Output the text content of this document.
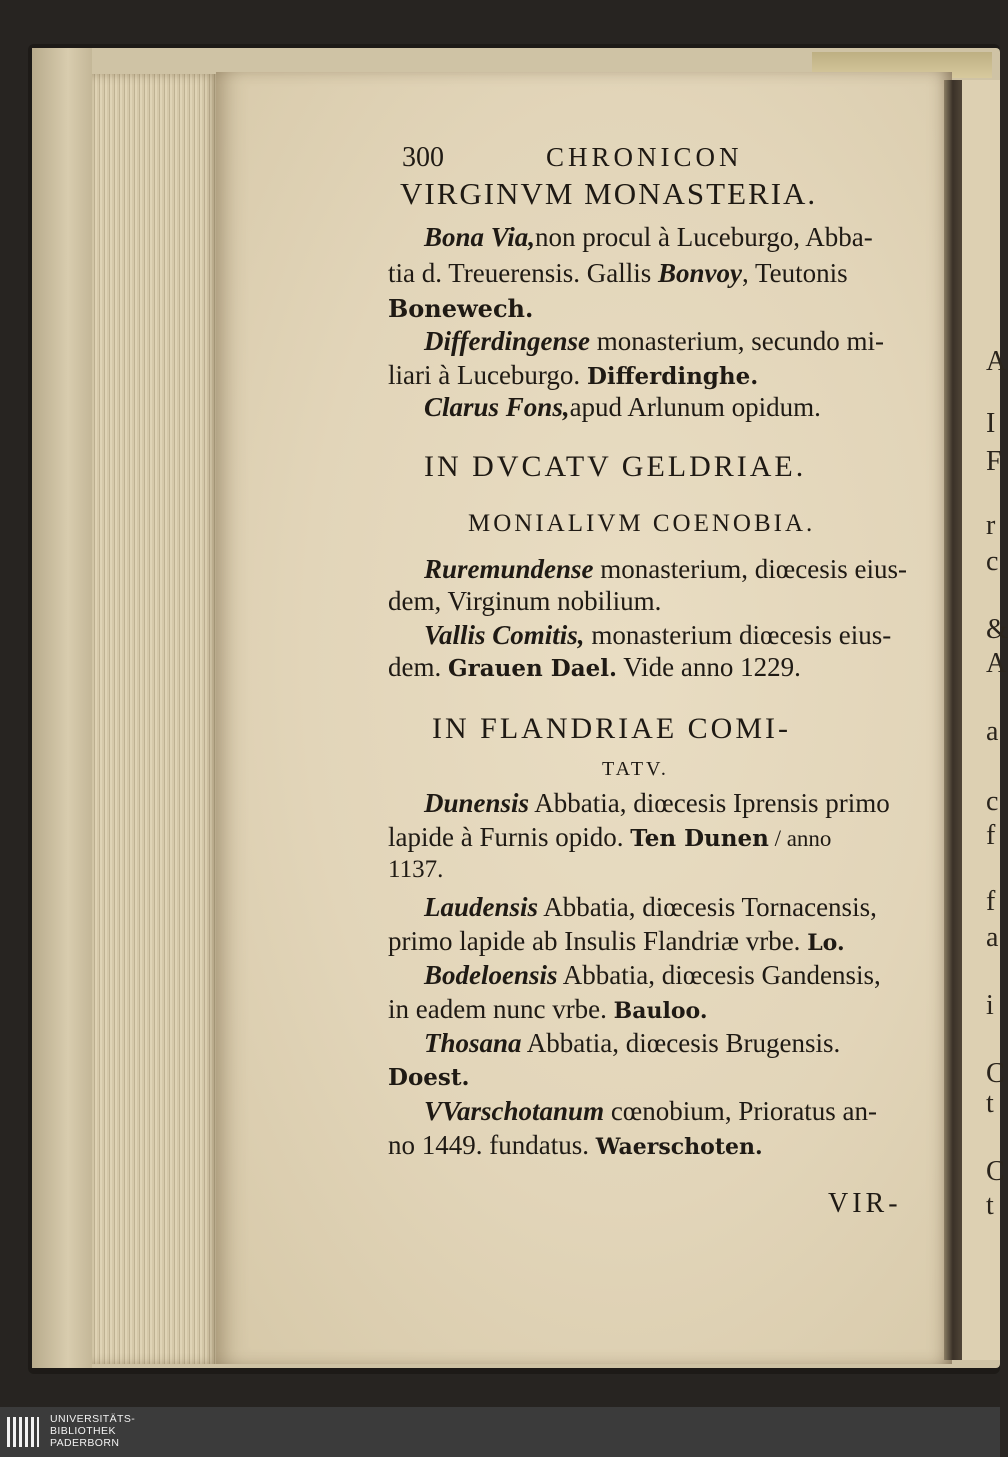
300	CHRONICON
VIRGINVM MONASTERIA.
Bona Via,non procul à Luceburgo, Abba-
tia d. Treuerensis. Gallis Bonvoy, Teutonis
Bonewech.
Differdingense monasterium, secundo mi-
liari à Luceburgo. Differdinghe.
Clarus Fons,apud Arlunum opidum.
IN DVCATV GELDRIAE.
MONIALIVM COENOBIA.
Ruremundense monasterium, diœcesis eius-
dem, Virginum nobilium.
Vallis Comitis, monasterium diœcesis eius-
dem. Grauen Dael. Vide anno 1229.
IN FLANDRIAE COMI-
TATV.
Dunensis Abbatia, diœcesis Iprensis primo
lapide à Furnis opido. Ten Dunen / anno
1137.
Laudensis Abbatia, diœcesis Tornacensis,
primo lapide ab Insulis Flandriæ vrbe. Lo.
Bodeloensis Abbatia, diœcesis Gandensis,
in eadem nunc vrbe. Bauloo.
Thosana Abbatia, diœcesis Brugensis.
Doest.
VVarschotanum cœnobium, Prioratus an-
no 1449. fundatus. Waerschoten.
VIR-
A
I
F
r
c
&
A
a
c
f
f
a
i
C
t
C
t
UNIVERSITÄTS-
BIBLIOTHEK
PADERBORN
